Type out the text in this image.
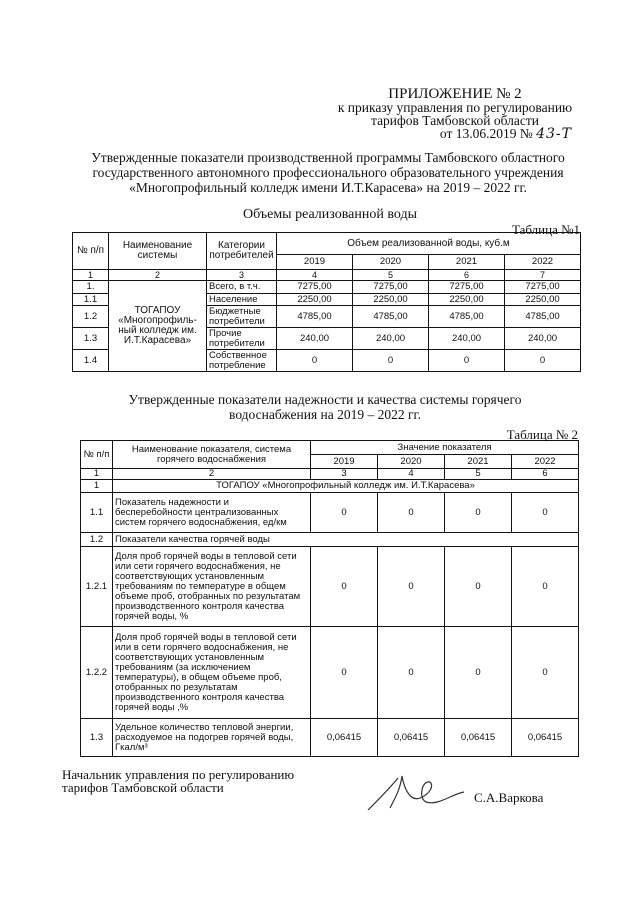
ПРИЛОЖЕНИЕ № 2
к приказу управления по регулированию
тарифов Тамбовской области
от 13.06.2019 № 43-Т
Утвержденные показатели производственной программы Тамбовского областного государственного автономного профессионального образовательного учреждения «Многопрофильный колледж имени И.Т.Карасева» на 2019 – 2022 гг.
Объемы реализованной воды
Таблица №1
№ п/п	Наименование системы	Категории потребителей	Объем реализованной воды, куб.м			
			2019	2020	2021	2022
1	2	3	4	5	6	7
1.	ТОГАПОУ «Многопрофиль-ный колледж им. И.Т.Карасева»	Всего, в т.ч.	7275,00	7275,00	7275,00	7275,00
1.1		Население	2250,00	2250,00	2250,00	2250,00
1.2		Бюджетные потребители	4785,00	4785,00	4785,00	4785,00
1.3		Прочие потребители	240,00	240,00	240,00	240,00
1.4		Собственное потребление	0	0	0	0
Утвержденные показатели надежности и качества системы горячего водоснабжения на 2019 – 2022 гг.
Таблица № 2
№ п/п	Наименование показателя, система горячего водоснабжения	Значение показателя			
		2019	2020	2021	2022
1	2	3	4	5	6
1	ТОГАПОУ «Многопрофильный колледж им. И.Т.Карасева»				
1.1	Показатель надежности и бесперебойности централизованных систем горячего водоснабжения, ед/км	0	0	0	0
1.2	Показатели качества горячей воды				
1.2.1	Доля проб горячей воды в тепловой сети или сети горячего водоснабжения, не соответствующих установленным требованиям по температуре в общем объеме проб, отобранных по результатам производственного контроля качества горячей воды, %	0	0	0	0
1.2.2	Доля проб горячей воды в тепловой сети или в сети горячего водоснабжения, не соответствующих установленным требованиям (за исключением температуры), в общем объеме проб, отобранных по результатам производственного контроля качества горячей воды ,%	0	0	0	0
1.3	Удельное количество тепловой энергии, расходуемое на подогрев горячей воды, Гкал/м³	0,06415	0,06415	0,06415	0,06415
Начальник управления по регулированию
тарифов Тамбовской области
С.А.Варкова
